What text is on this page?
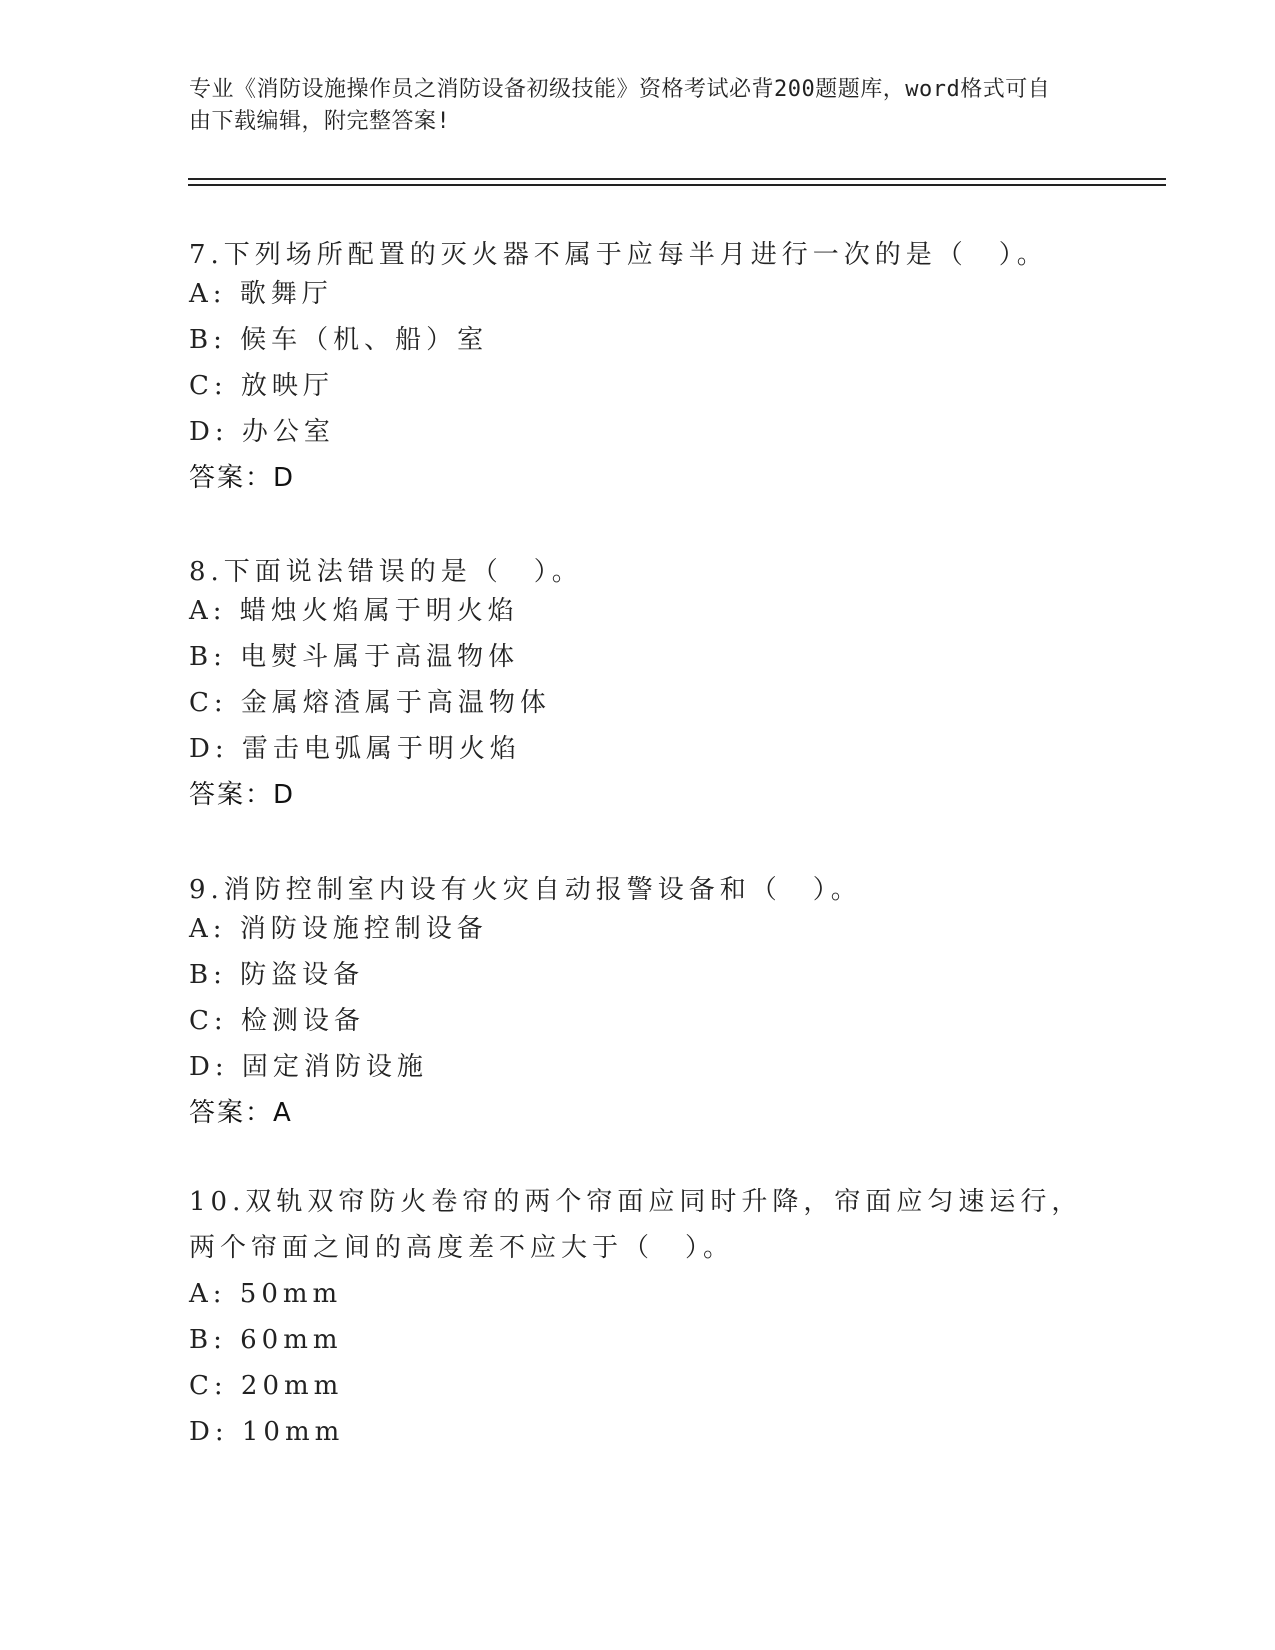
专业《消防设施操作员之消防设备初级技能》资格考试必背200题题库，word格式可自由下载编辑，附完整答案!

7.下列场所配置的灭火器不属于应每半月进行一次的是（　）。

A: 歌舞厅

B: 候车（机、船）室

C: 放映厅

D: 办公室

答案：D

8.下面说法错误的是（　）。

A: 蜡烛火焰属于明火焰

B: 电熨斗属于高温物体

C: 金属熔渣属于高温物体

D: 雷击电弧属于明火焰

答案：D

9.消防控制室内设有火灾自动报警设备和（　）。

A: 消防设施控制设备

B: 防盗设备

C: 检测设备

D: 固定消防设施

答案：A

10.双轨双帘防火卷帘的两个帘面应同时升降，帘面应匀速运行，两个帘面之间的高度差不应大于（　）。

A: 50mm

B: 60mm

C: 20mm

D: 10mm
